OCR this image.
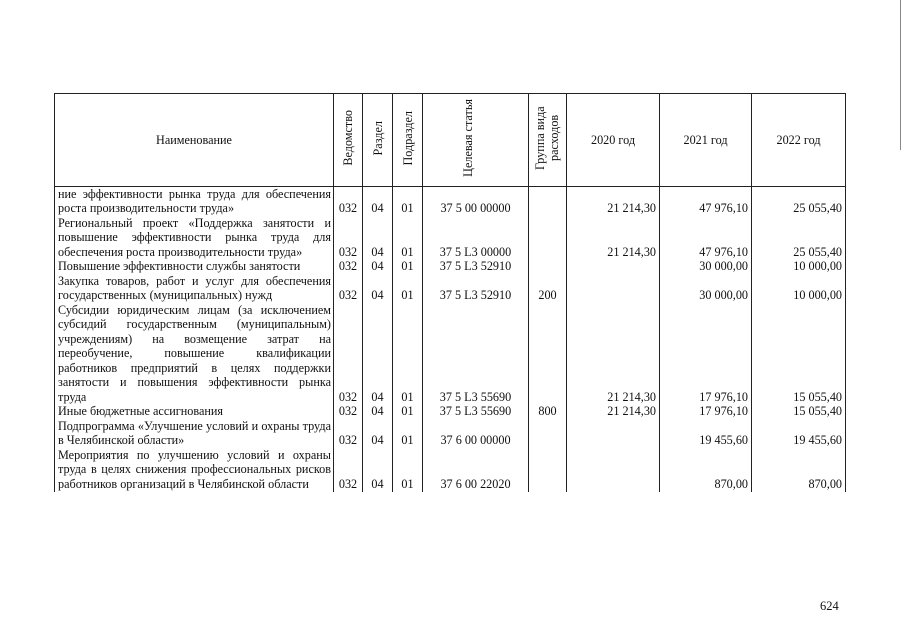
Наименование	Ведомство	Раздел	Подраздел	Целевая статья	Группа вида расходов	2020 год	2021 год	2022 год
ние эффективности рынка труда для обеспечения роста производительности труда»	032	04	01	37 5 00 00000		21 214,30	47 976,10	25 055,40
Региональный проект «Поддержка занятости и повышение эффективности рынка труда для обеспечения роста производительности труда»	032	04	01	37 5 L3 00000		21 214,30	47 976,10	25 055,40
Повышение эффективности службы занятости	032	04	01	37 5 L3 52910			30 000,00	10 000,00
Закупка товаров, работ и услуг для обеспечения государственных (муниципальных) нужд	032	04	01	37 5 L3 52910	200		30 000,00	10 000,00
Субсидии юридическим лицам (за исключением субсидий государственным (муниципальным) учреждениям) на возмещение затрат на переобучение, повышение квалификации работников предприятий в целях поддержки занятости и повышения эффективности рынка труда	032	04	01	37 5 L3 55690		21 214,30	17 976,10	15 055,40
Иные бюджетные ассигнования	032	04	01	37 5 L3 55690	800	21 214,30	17 976,10	15 055,40
Подпрограмма «Улучшение условий и охраны труда в Челябинской области»	032	04	01	37 6 00 00000			19 455,60	19 455,60
Мероприятия по улучшению условий и охраны труда в целях снижения профессиональных рисков работников организаций в Челябинской области	032	04	01	37 6 00 22020			870,00	870,00
624
